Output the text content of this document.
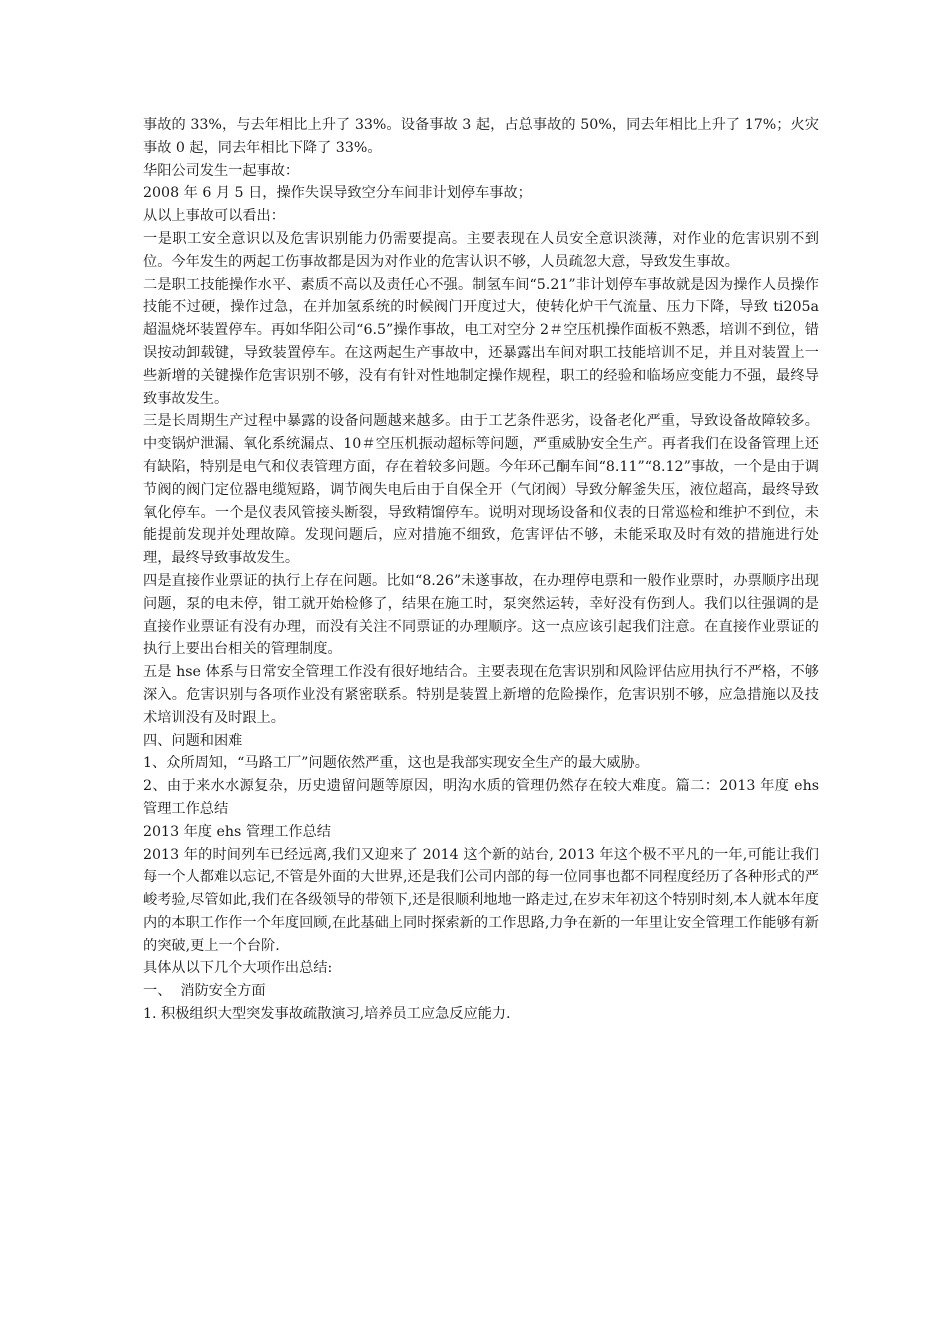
事故的 33%，与去年相比上升了 33%。设备事故 3 起，占总事故的 50%，同去年相比上升了 17%；火灾事故 0 起，同去年相比下降了 33%。

华阳公司发生一起事故：

2008 年 6 月 5 日，操作失误导致空分车间非计划停车事故；

从以上事故可以看出：

一是职工安全意识以及危害识别能力仍需要提高。主要表现在人员安全意识淡薄，对作业的危害识别不到位。今年发生的两起工伤事故都是因为对作业的危害认识不够，人员疏忽大意，导致发生事故。

二是职工技能操作水平、素质不高以及责任心不强。制氢车间“5.21”非计划停车事故就是因为操作人员操作技能不过硬，操作过急，在并加氢系统的时候阀门开度过大，使转化炉干气流量、压力下降，导致 ti205a 超温烧坏装置停车。再如华阳公司“6.5”操作事故，电工对空分 2＃空压机操作面板不熟悉，培训不到位，错误按动卸载键，导致装置停车。在这两起生产事故中，还暴露出车间对职工技能培训不足，并且对装置上一些新增的关键操作危害识别不够，没有有针对性地制定操作规程，职工的经验和临场应变能力不强，最终导致事故发生。

三是长周期生产过程中暴露的设备问题越来越多。由于工艺条件恶劣，设备老化严重，导致设备故障较多。中变锅炉泄漏、氧化系统漏点、10＃空压机振动超标等问题，严重威胁安全生产。再者我们在设备管理上还有缺陷，特别是电气和仪表管理方面，存在着较多问题。今年环己酮车间“8.11”“8.12”事故，一个是由于调节阀的阀门定位器电缆短路，调节阀失电后由于自保全开（气闭阀）导致分解釜失压，液位超高，最终导致氧化停车。一个是仪表风管接头断裂，导致精馏停车。说明对现场设备和仪表的日常巡检和维护不到位，未能提前发现并处理故障。发现问题后，应对措施不细致，危害评估不够，未能采取及时有效的措施进行处理，最终导致事故发生。

四是直接作业票证的执行上存在问题。比如“8.26”未遂事故，在办理停电票和一般作业票时，办票顺序出现问题，泵的电未停，钳工就开始检修了，结果在施工时，泵突然运转，幸好没有伤到人。我们以往强调的是直接作业票证有没有办理，而没有关注不同票证的办理顺序。这一点应该引起我们注意。在直接作业票证的执行上要出台相关的管理制度。

五是 hse 体系与日常安全管理工作没有很好地结合。主要表现在危害识别和风险评估应用执行不严格，不够深入。危害识别与各项作业没有紧密联系。特别是装置上新增的危险操作，危害识别不够，应急措施以及技术培训没有及时跟上。

四、问题和困难

1、众所周知，“马路工厂”问题依然严重，这也是我部实现安全生产的最大威胁。

2、由于来水水源复杂，历史遗留问题等原因，明沟水质的管理仍然存在较大难度。篇二：2013 年度 ehs 管理工作总结

2013 年度 ehs 管理工作总结

2013 年的时间列车已经远离,我们又迎来了 2014 这个新的站台, 2013 年这个极不平凡的一年,可能让我们每一个人都难以忘记,不管是外面的大世界,还是我们公司内部的每一位同事也都不同程度经历了各种形式的严峻考验,尽管如此,我们在各级领导的带领下,还是很顺利地地一路走过,在岁末年初这个特别时刻,本人就本年度内的本职工作作一个年度回顾,在此基础上同时探索新的工作思路,力争在新的一年里让安全管理工作能够有新的突破,更上一个台阶.

具体从以下几个大项作出总结:

一、  消防安全方面

1. 积极组织大型突发事故疏散演习,培养员工应急反应能力.
